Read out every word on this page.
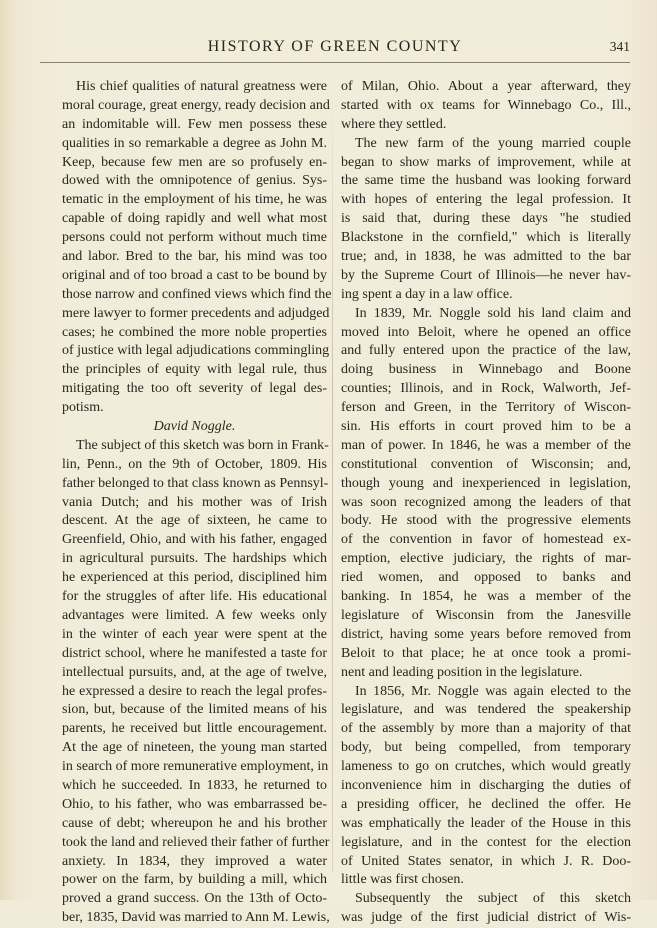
HISTORY OF GREEN COUNTY	341
His chief qualities of natural greatness were
moral courage, great energy, ready decision and
an indomitable will. Few men possess these
qualities in so remarkable a degree as John M.
Keep, because few men are so profusely en-
dowed with the omnipotence of genius. Sys-
tematic in the employment of his time, he was
capable of doing rapidly and well what most
persons could not perform without much time
and labor. Bred to the bar, his mind was too
original and of too broad a cast to be bound by
those narrow and confined views which find the
mere lawyer to former precedents and adjudged
cases; he combined the more noble properties
of justice with legal adjudications commingling
the principles of equity with legal rule, thus
mitigating the too oft severity of legal des-
potism.
David Noggle.
The subject of this sketch was born in Frank-
lin, Penn., on the 9th of October, 1809. His
father belonged to that class known as Pennsyl-
vania Dutch; and his mother was of Irish
descent. At the age of sixteen, he came to
Greenfield, Ohio, and with his father, engaged
in agricultural pursuits. The hardships which
he experienced at this period, disciplined him
for the struggles of after life. His educational
advantages were limited. A few weeks only
in the winter of each year were spent at the
district school, where he manifested a taste for
intellectual pursuits, and, at the age of twelve,
he expressed a desire to reach the legal profes-
sion, but, because of the limited means of his
parents, he received but little encouragement.
At the age of nineteen, the young man started
in search of more remunerative employment, in
which he succeeded. In 1833, he returned to
Ohio, to his father, who was embarrassed be-
cause of debt; whereupon he and his brother
took the land and relieved their father of further
anxiety. In 1834, they improved a water
power on the farm, by building a mill, which
proved a grand success. On the 13th of Octo-
ber, 1835, David was married to Ann M. Lewis,
of Milan, Ohio. About a year afterward, they
started with ox teams for Winnebago Co., Ill.,
where they settled.
The new farm of the young married couple
began to show marks of improvement, while at
the same time the husband was looking forward
with hopes of entering the legal profession. It
is said that, during these days "he studied
Blackstone in the cornfield," which is literally
true; and, in 1838, he was admitted to the bar
by the Supreme Court of Illinois—he never hav-
ing spent a day in a law office.
In 1839, Mr. Noggle sold his land claim and
moved into Beloit, where he opened an office
and fully entered upon the practice of the law,
doing business in Winnebago and Boone
counties; Illinois, and in Rock, Walworth, Jef-
ferson and Green, in the Territory of Wiscon-
sin. His efforts in court proved him to be a
man of power. In 1846, he was a member of the
constitutional convention of Wisconsin; and,
though young and inexperienced in legislation,
was soon recognized among the leaders of that
body. He stood with the progressive elements
of the convention in favor of homestead ex-
emption, elective judiciary, the rights of mar-
ried women, and opposed to banks and
banking. In 1854, he was a member of the
legislature of Wisconsin from the Janesville
district, having some years before removed from
Beloit to that place; he at once took a promi-
nent and leading position in the legislature.
In 1856, Mr. Noggle was again elected to the
legislature, and was tendered the speakership
of the assembly by more than a majority of that
body, but being compelled, from temporary
lameness to go on crutches, which would greatly
inconvenience him in discharging the duties of
a presiding officer, he declined the offer. He
was emphatically the leader of the House in this
legislature, and in the contest for the election
of United States senator, in which J. R. Doo-
little was first chosen.
Subsequently the subject of this sketch
was judge of the first judicial district of Wis-
